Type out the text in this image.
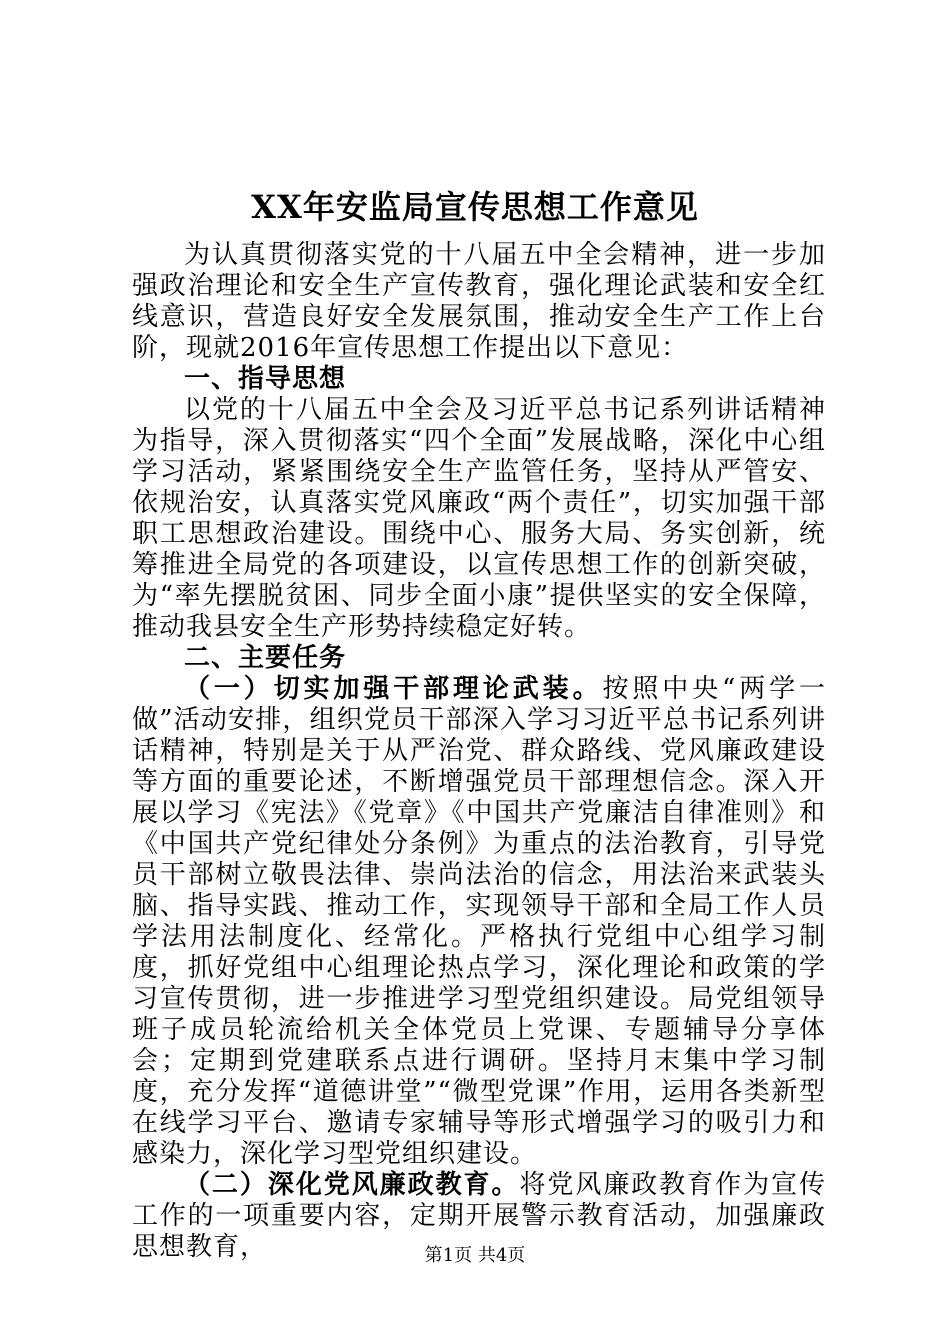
XX年安监局宣传思想工作意见

为认真贯彻落实党的十八届五中全会精神，进一步加强政治理论和安全生产宣传教育，强化理论武装和安全红线意识，营造良好安全发展氛围，推动安全生产工作上台阶，现就2016年宣传思想工作提出以下意见：

一、指导思想

以党的十八届五中全会及习近平总书记系列讲话精神为指导，深入贯彻落实“四个全面”发展战略，深化中心组学习活动，紧紧围绕安全生产监管任务，坚持从严管安、依规治安，认真落实党风廉政“两个责任”，切实加强干部职工思想政治建设。围绕中心、服务大局、务实创新，统筹推进全局党的各项建设，以宣传思想工作的创新突破，为“率先摆脱贫困、同步全面小康”提供坚实的安全保障，推动我县安全生产形势持续稳定好转。

二、主要任务

（一）切实加强干部理论武装。按照中央“两学一做”活动安排，组织党员干部深入学习习近平总书记系列讲话精神，特别是关于从严治党、群众路线、党风廉政建设等方面的重要论述，不断增强党员干部理想信念。深入开展以学习《宪法》《党章》《中国共产党廉洁自律准则》和《中国共产党纪律处分条例》为重点的法治教育，引导党员干部树立敬畏法律、崇尚法治的信念，用法治来武装头脑、指导实践、推动工作，实现领导干部和全局工作人员学法用法制度化、经常化。严格执行党组中心组学习制度，抓好党组中心组理论热点学习，深化理论和政策的学习宣传贯彻，进一步推进学习型党组织建设。局党组领导班子成员轮流给机关全体党员上党课、专题辅导分享体会；定期到党建联系点进行调研。坚持月末集中学习制度，充分发挥“道德讲堂”“微型党课”作用，运用各类新型在线学习平台、邀请专家辅导等形式增强学习的吸引力和感染力，深化学习型党组织建设。

（二）深化党风廉政教育。将党风廉政教育作为宣传工作的一项重要内容，定期开展警示教育活动，加强廉政思想教育，	第1页 共4页
